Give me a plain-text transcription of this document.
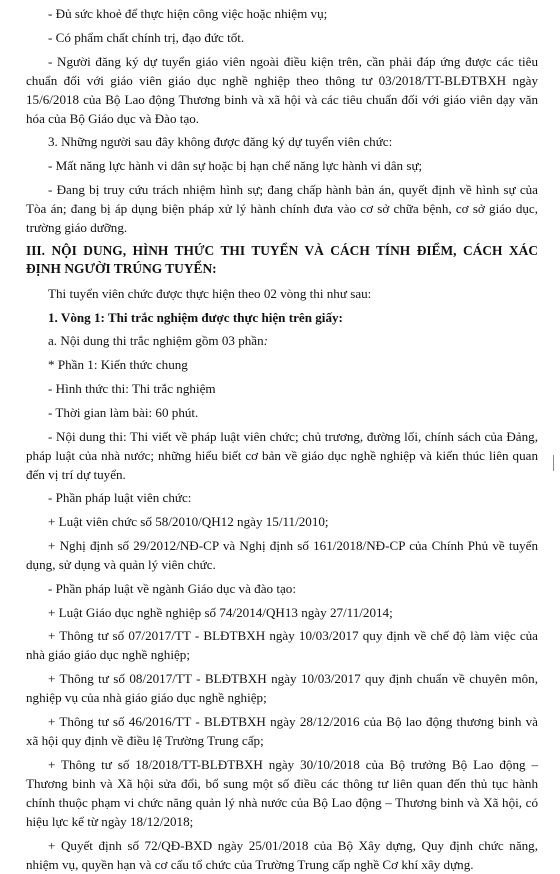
- Đủ sức khoẻ để thực hiện công việc hoặc nhiệm vụ;

- Có phẩm chất chính trị, đạo đức tốt.

- Người đăng ký dự tuyển giáo viên ngoài điều kiện trên, cần phải đáp ứng được các tiêu chuẩn đối với giáo viên giáo dục nghề nghiệp theo thông tư 03/2018/TT-BLĐTBXH ngày 15/6/2018 của Bộ Lao động Thương binh và xã hội và các tiêu chuẩn đối với giáo viên dạy văn hóa của Bộ Giáo dục và Đào tạo.

3. Những người sau đây không được đăng ký dự tuyển viên chức:

- Mất năng lực hành vi dân sự hoặc bị hạn chế năng lực hành vi dân sự;

- Đang bị truy cứu trách nhiệm hình sự; đang chấp hành bản án, quyết định về hình sự của Tòa án; đang bị áp dụng biện pháp xử lý hành chính đưa vào cơ sở chữa bệnh, cơ sở giáo dục, trường giáo dưỡng.

III. NỘI DUNG, HÌNH THỨC THI TUYỂN VÀ CÁCH TÍNH ĐIỂM, CÁCH XÁC ĐỊNH NGƯỜI TRÚNG TUYỂN:

Thi tuyển viên chức được thực hiện theo 02 vòng thi như sau:

1. Vòng 1: Thi trắc nghiệm được thực hiện trên giấy:

a. Nội dung thi trắc nghiệm gồm 03 phần:

* Phần 1: Kiến thức chung

- Hình thức thi: Thi trắc nghiệm

- Thời gian làm bài: 60 phút.

- Nội dung thi: Thi viết về pháp luật viên chức; chủ trương, đường lối, chính sách của Đảng, pháp luật của nhà nước; những hiểu biết cơ bản về giáo dục nghề nghiệp và kiến thúc liên quan đến vị trí dự tuyển.

- Phần pháp luật viên chức:

+ Luật viên chức số 58/2010/QH12 ngày 15/11/2010;

+ Nghị định số 29/2012/NĐ-CP và Nghị định số 161/2018/NĐ-CP của Chính Phủ về tuyển dụng, sử dụng và quản lý viên chức.

- Phần pháp luật về ngành Giáo dục và đào tạo:

+ Luật Giáo dục nghề nghiệp số 74/2014/QH13 ngày 27/11/2014;

+ Thông tư số 07/2017/TT - BLĐTBXH ngày 10/03/2017 quy định về chế độ làm việc của nhà giáo giáo dục nghề nghiệp;

+ Thông tư số 08/2017/TT - BLĐTBXH ngày 10/03/2017 quy định chuẩn về chuyên môn, nghiệp vụ của nhà giáo giáo dục nghề nghiệp;

+ Thông tư số 46/2016/TT - BLĐTBXH ngày 28/12/2016 của Bộ lao động thương binh và xã hội quy định về điều lệ Trường Trung cấp;

+ Thông tư số 18/2018/TT-BLĐTBXH ngày 30/10/2018 của Bộ trưởng Bộ Lao động – Thương binh và Xã hội sửa đổi, bổ sung một số điều các thông tư liên quan đến thủ tục hành chính thuộc phạm vi chức năng quản lý nhà nước của Bộ Lao động – Thương binh và Xã hội, có hiệu lực kể từ ngày 18/12/2018;

+ Quyết định số 72/QĐ-BXD ngày 25/01/2018 của Bộ Xây dựng, Quy định chức năng, nhiệm vụ, quyền hạn và cơ cấu tổ chức của Trường Trung cấp nghề Cơ khí xây dựng.
